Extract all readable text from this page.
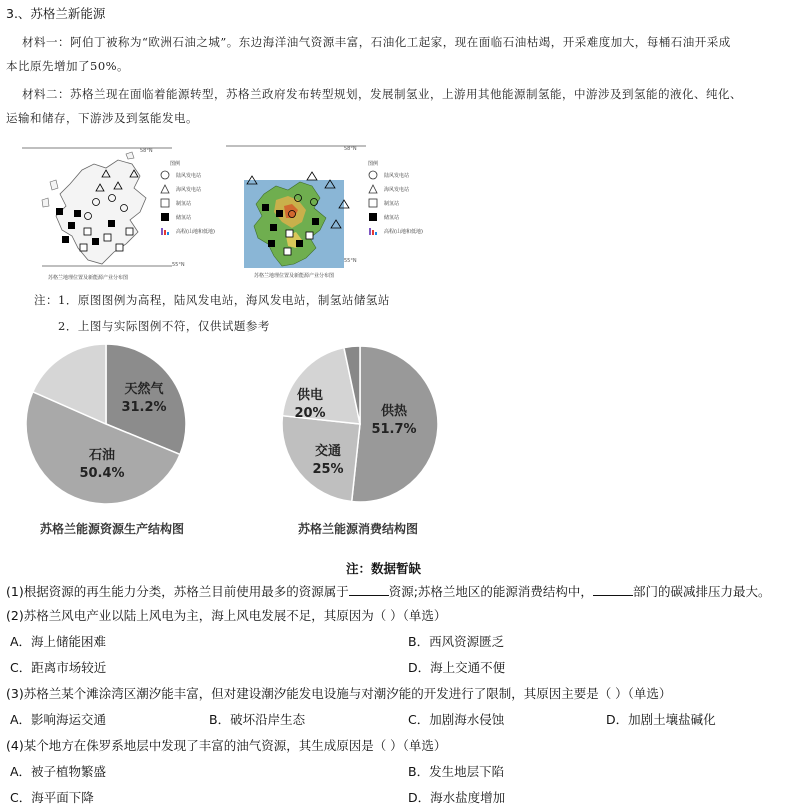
3.、苏格兰新能源
材料一：阿伯丁被称为“欧洲石油之城”。东边海洋油气资源丰富，石油化工起家，现在面临石油枯竭，开采难度加大，每桶石油开采成
本比原先增加了50%。
材料二：苏格兰现在面临着能源转型，苏格兰政府发布转型规划，发展制氢业，上游用其他能源制氢能，中游涉及到氢能的液化、纯化、
运输和储存，下游涉及到氢能发电。
58°N
55°N
苏格兰地理位置及新能源产业分布图
图例
陆风发电站
海风发电站
制氢站
储氢站
高程(山地和低地)
58°N
55°N
苏格兰地理位置及新能源产业分布图
图例
陆风发电站
海风发电站
制氢站
储氢站
高程(山地和低地)
注：1．原图图例为高程，陆风发电站，海风发电站，制氢站储氢站
2．上图与实际图例不符，仅供试题参考
天然气
31.2%
石油
50.4%
苏格兰能源资源生产结构图
供热
51.7%
交通
25%
供电
20%
苏格兰能源消费结构图
注：数据暂缺
(1)根据资源的再生能力分类，苏格兰目前使用最多的资源属于	资源;苏格兰地区的能源消费结构中，	部门的碳减排压力最大。
(2)苏格兰风电产业以陆上风电为主，海上风电发展不足，其原因为（ ）（单选）
A．海上储能困难	B．西风资源匮乏
C．距离市场较近	D．海上交通不便
(3)苏格兰某个滩涂湾区潮汐能丰富，但对建设潮汐能发电设施与对潮汐能的开发进行了限制，其原因主要是（ ）（单选）
A．影响海运交通	B．破坏沿岸生态	C．加剧海水侵蚀	D．加剧土壤盐碱化
(4)某个地方在侏罗系地层中发现了丰富的油气资源，其生成原因是（ ）（单选）
A．被子植物繁盛	B．发生地层下陷
C．海平面下降	D．海水盐度增加
